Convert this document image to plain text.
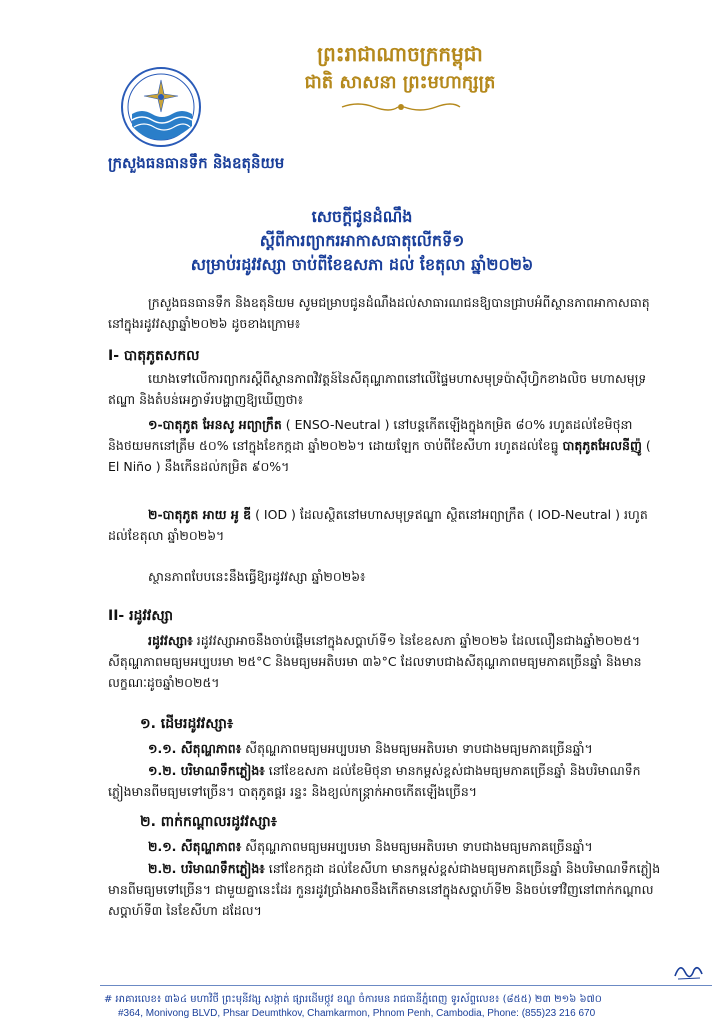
ក្រសួងធនធានទឹក និងឧតុនិយម
ព្រះរាជាណាចក្រកម្ពុជា
ជាតិ សាសនា ព្រះមហាក្សត្រ
សេចក្តីជូនដំណឹង
ស្តីពីការព្យាករអាកាសធាតុលើកទី១
សម្រាប់រដូវវស្សា ចាប់ពីខែឧសភា ដល់ ខែតុលា ឆ្នាំ២០២៦
ក្រសួងធនធានទឹក និងឧតុនិយម សូមជម្រាបជូនដំណឹងដល់សាធារណជនឱ្យបានជ្រាបអំពីស្ថានភាពអាកាសធាតុនៅក្នុងរដូវវស្សាឆ្នាំ២០២៦ ដូចខាងក្រោម៖
I- បាតុភូតសកល
យោងទៅលើការព្យាករស្តីពីស្ថានភាពវិវត្តន៍នៃសីតុណ្ហភាពនៅលើផ្ទៃមហាសមុទ្រប៉ាស៊ីហ្វិកខាងលិច មហាសមុទ្រឥណ្ឌា និងតំបន់អេក្វាទ័របង្ហាញឱ្យឃើញថា៖
១-បាតុភូត អែនសូ អព្យាក្រឹត ( ENSO-Neutral ) នៅបន្តកើតឡើងក្នុងកម្រិត ៨០% រហូតដល់ខែមិថុនា និងថយមកនៅត្រឹម ៥០% នៅក្នុងខែកក្កដា ឆ្នាំ២០២៦។ ដោយឡែក ចាប់ពីខែសីហា រហូតដល់ខែធ្នូ បាតុភូតអែលនីញ៉ូ ( El Niño ) នឹងកើនដល់កម្រិត ៩០%។
២-បាតុភូត អាយ អូ ឌី ( IOD ) ដែលស្ថិតនៅមហាសមុទ្រឥណ្ឌា ស្ថិតនៅអព្យាក្រឹត ( IOD-Neutral ) រហូតដល់ខែតុលា ឆ្នាំ២០២៦។
ស្ថានភាពបែបនេះនឹងធ្វើឱ្យរដូវវស្សា ឆ្នាំ២០២៦៖
II- រដូវវស្សា
រដូវវស្សា៖ រដូវវស្សាអាចនឹងចាប់ផ្តើមនៅក្នុងសប្តាហ៍ទី១ នៃខែឧសភា ឆ្នាំ២០២៦ ដែលលឿនជាងឆ្នាំ២០២៥។ សីតុណ្ហភាពមធ្យមអប្បបរមា ២៥°C និងមធ្យមអតិបរមា ៣៦°C ដែលទាបជាងសីតុណ្ហភាពមធ្យមភាគច្រើនឆ្នាំ និងមានលក្ខណៈដូចឆ្នាំ២០២៥។
១. ដើមរដូវវស្សា៖
១.១. សីតុណ្ហភាព៖ សីតុណ្ហភាពមធ្យមអប្បបរមា និងមធ្យមអតិបរមា ទាបជាងមធ្យមភាគច្រើនឆ្នាំ។
១.២. បរិមាណទឹកភ្លៀង៖ នៅខែឧសភា ដល់ខែមិថុនា មានកម្ពស់ខ្ពស់ជាងមធ្យមភាគច្រើនឆ្នាំ និងបរិមាណទឹកភ្លៀងមានពីមធ្យមទៅច្រើន។ បាតុភូតផ្គរ រន្ទះ និងខ្យល់កន្ត្រាក់អាចកើតឡើងច្រើន។
២. ពាក់កណ្តាលរដូវវស្សា៖
២.១. សីតុណ្ហភាព៖ សីតុណ្ហភាពមធ្យមអប្បបរមា និងមធ្យមអតិបរមា ទាបជាងមធ្យមភាគច្រើនឆ្នាំ។
២.២. បរិមាណទឹកភ្លៀង៖ នៅខែកក្កដា ដល់ខែសីហា មានកម្ពស់ខ្ពស់ជាងមធ្យមភាគច្រើនឆ្នាំ និងបរិមាណទឹកភ្លៀងមានពីមធ្យមទៅច្រើន។ ជាមួយគ្នានេះដែរ កួនរដូវប្រាំងអាចនឹងកើតមាននៅក្នុងសប្តាហ៍ទី២ និងចប់ទៅវិញនៅពាក់កណ្តាលសប្តាហ៍ទី៣ នៃខែសីហា ដដែល។
# អាគារលេខ៖ ៣៦៤ មហាវិថី ព្រះមុនីវង្ស សង្កាត់ ផ្សារដើមថ្កូវ ខណ្ឌ ចំការមន រាជធានីភ្នំពេញ ទូរស័ព្ទលេខ៖ (៨៥៥) ២៣ ២១៦ ៦៧០
#364, Monivong BLVD, Phsar Deumthkov, Chamkarmon, Phnom Penh, Cambodia, Phone: (855)23 216 670
